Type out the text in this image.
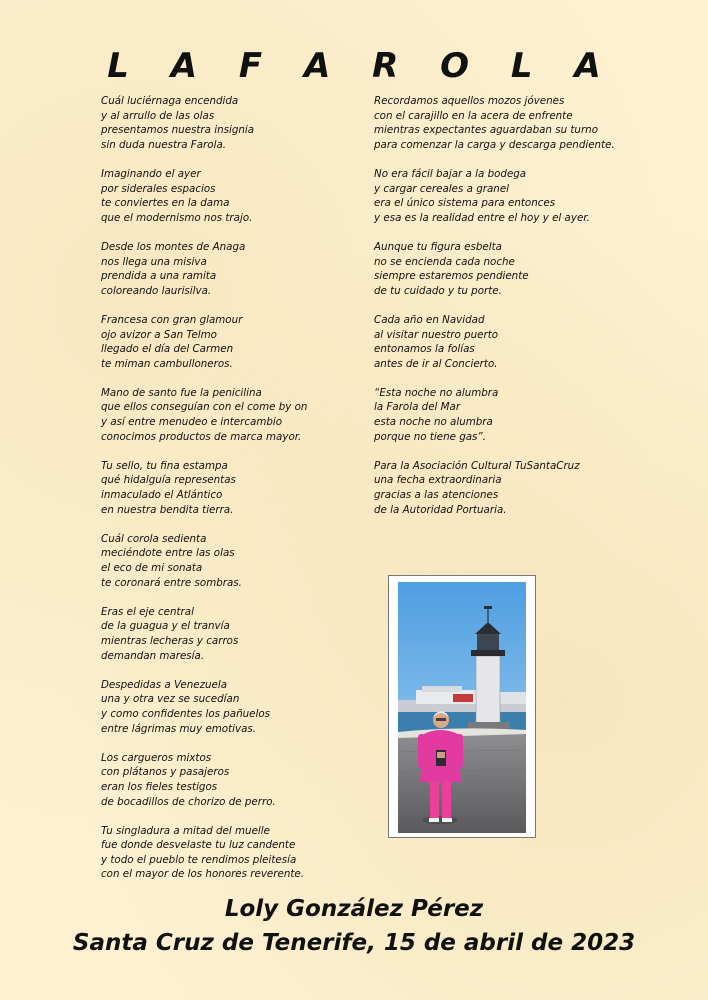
L A F A R O L A
Cuál luciérnaga encendida
y al arrullo de las olas
presentamos nuestra insignia
sin duda nuestra Farola.
Imaginando el ayer
por siderales espacios
te conviertes en la dama
que el modernismo nos trajo.
Desde los montes de Anaga
nos llega una misiva
prendida a una ramita
coloreando laurisilva.
Francesa con gran glamour
ojo avizor a San Telmo
llegado el día del Carmen
te miman cambulloneros.
Mano de santo fue la penicilina
que ellos conseguían con el come by on
y así entre menudeo e intercambio
conocimos productos de marca mayor.
Tu sello, tu fina estampa
qué hidalguía representas
inmaculado el Atlántico
en nuestra bendita tierra.
Cuál corola sedienta
meciéndote entre las olas
el eco de mi sonata
te coronará entre sombras.
Eras el eje central
de la guagua y el tranvía
mientras lecheras y carros
demandan maresía.
Despedidas a Venezuela
una y otra vez se sucedían
y como confidentes los pañuelos
entre lágrimas muy emotivas.
Los cargueros mixtos
con plátanos y pasajeros
eran los fieles testigos
de bocadillos de chorizo de perro.
Tu singladura a mitad del muelle
fue donde desvelaste tu luz candente
y todo el pueblo te rendimos pleitesía
con el mayor de los honores reverente.
Recordamos aquellos mozos jóvenes
con el carajillo en la acera de enfrente
mientras expectantes aguardaban su turno
para comenzar la carga y descarga pendiente.
No era fácil bajar a la bodega
y cargar cereales a granel
era el único sistema para entonces
y esa es la realidad entre el hoy y el ayer.
Aunque tu figura esbelta
no se encienda cada noche
siempre estaremos pendiente
de tu cuidado y tu porte.
Cada año en Navidad
al visitar nuestro puerto
entonamos la folías
antes de ir al Concierto.
“Esta noche no alumbra
la Farola del Mar
esta noche no alumbra
porque no tiene gas”.
Para la Asociación Cultural TuSantaCruz
una fecha extraordinaria
gracias a las atenciones
de la Autoridad Portuaria.
Loly González Pérez
Santa Cruz de Tenerife, 15 de abril de 2023
